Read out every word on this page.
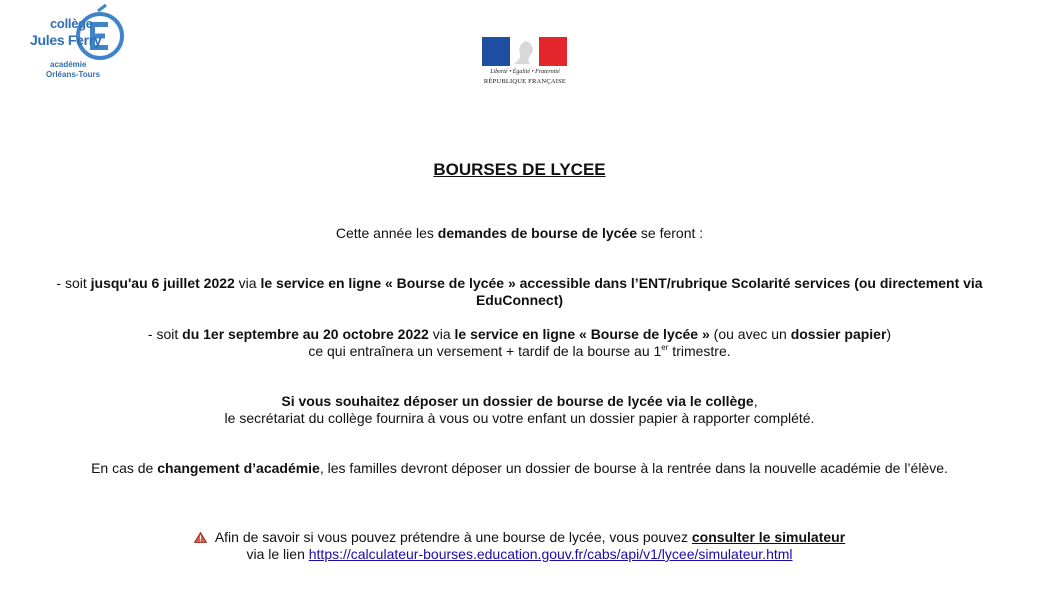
collège
Jules Ferry
académie
Orléans-Tours	Liberté • Égalité • Fraternité
RÉPUBLIQUE FRANÇAISE
BOURSES DE LYCEE
Cette année les demandes de bourse de lycée se feront :
- soit jusqu'au 6 juillet 2022 via le service en ligne « Bourse de lycée » accessible dans l’ENT/rubrique Scolarité services (ou directement via
EduConnect)
- soit du 1er septembre au 20 octobre 2022 via le service en ligne « Bourse de lycée » (ou avec un dossier papier)
ce qui entraînera un versement + tardif de la bourse au 1er trimestre.
Si vous souhaitez déposer un dossier de bourse de lycée via le collège,
le secrétariat du collège fournira à vous ou votre enfant un dossier papier à rapporter complété.
En cas de changement d’académie, les familles devront déposer un dossier de bourse à la rentrée dans la nouvelle académie de l’élève.
Afin de savoir si vous pouvez prétendre à une bourse de lycée, vous pouvez consulter le simulateur
via le lien https://calculateur-bourses.education.gouv.fr/cabs/api/v1/lycee/simulateur.html
